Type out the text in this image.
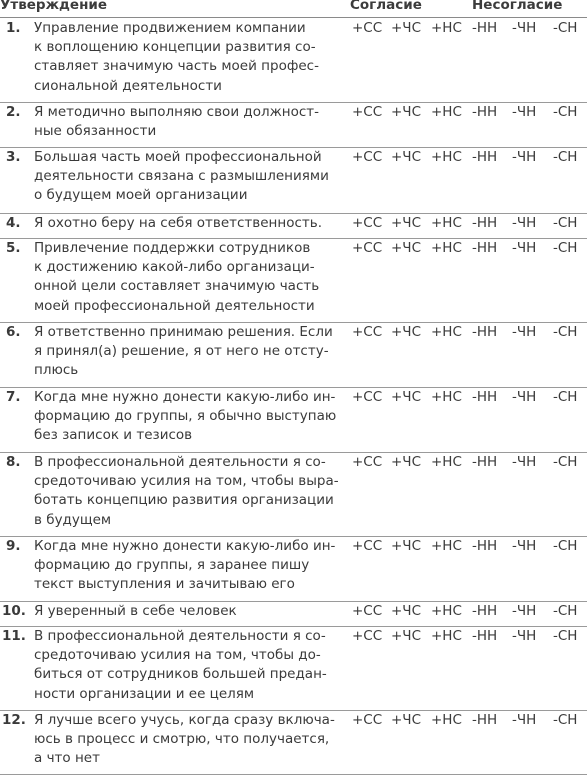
Утверждение	Согласие	Несогласие
1. Управление продвижением компании
к воплощению концепции развития со-
ставляет значимую часть моей профес-
сиональной деятельности
+СС +ЧС +НС -НН -ЧН -СН
2. Я методично выполняю свои должност-
ные обязанности
+СС +ЧС +НС -НН -ЧН -СН
3. Большая часть моей профессиональной
деятельности связана с размышлениями
о будущем моей организации
+СС +ЧС +НС -НН -ЧН -СН
4. Я охотно беру на себя ответственность.	+СС +ЧС +НС -НН -ЧН -СН
5. Привлечение поддержки сотрудников
к достижению какой-либо организаци-
онной цели составляет значимую часть
моей профессиональной деятельности
+СС +ЧС +НС -НН -ЧН -СН
6. Я ответственно принимаю решения. Если
я принял(а) решение, я от него не отсту-
плюсь
+СС +ЧС +НС -НН -ЧН -СН
7. Когда мне нужно донести какую-либо ин-
формацию до группы, я обычно выступаю
без записок и тезисов
+СС +ЧС +НС -НН -ЧН -СН
8. В профессиональной деятельности я со-
средоточиваю усилия на том, чтобы выра-
ботать концепцию развития организации
в будущем
+СС +ЧС +НС -НН -ЧН -СН
9. Когда мне нужно донести какую-либо ин-
формацию до группы, я заранее пишу
текст выступления и зачитываю его
+СС +ЧС +НС -НН -ЧН -СН
10. Я уверенный в себе человек	+СС +ЧС +НС -НН -ЧН -СН
11. В профессиональной деятельности я со-
средоточиваю усилия на том, чтобы до-
биться от сотрудников большей предан-
ности организации и ее целям
+СС +ЧС +НС -НН -ЧН -СН
12. Я лучше всего учусь, когда сразу включа-
юсь в процесс и смотрю, что получается,
а что нет
+СС +ЧС +НС -НН -ЧН -СН
